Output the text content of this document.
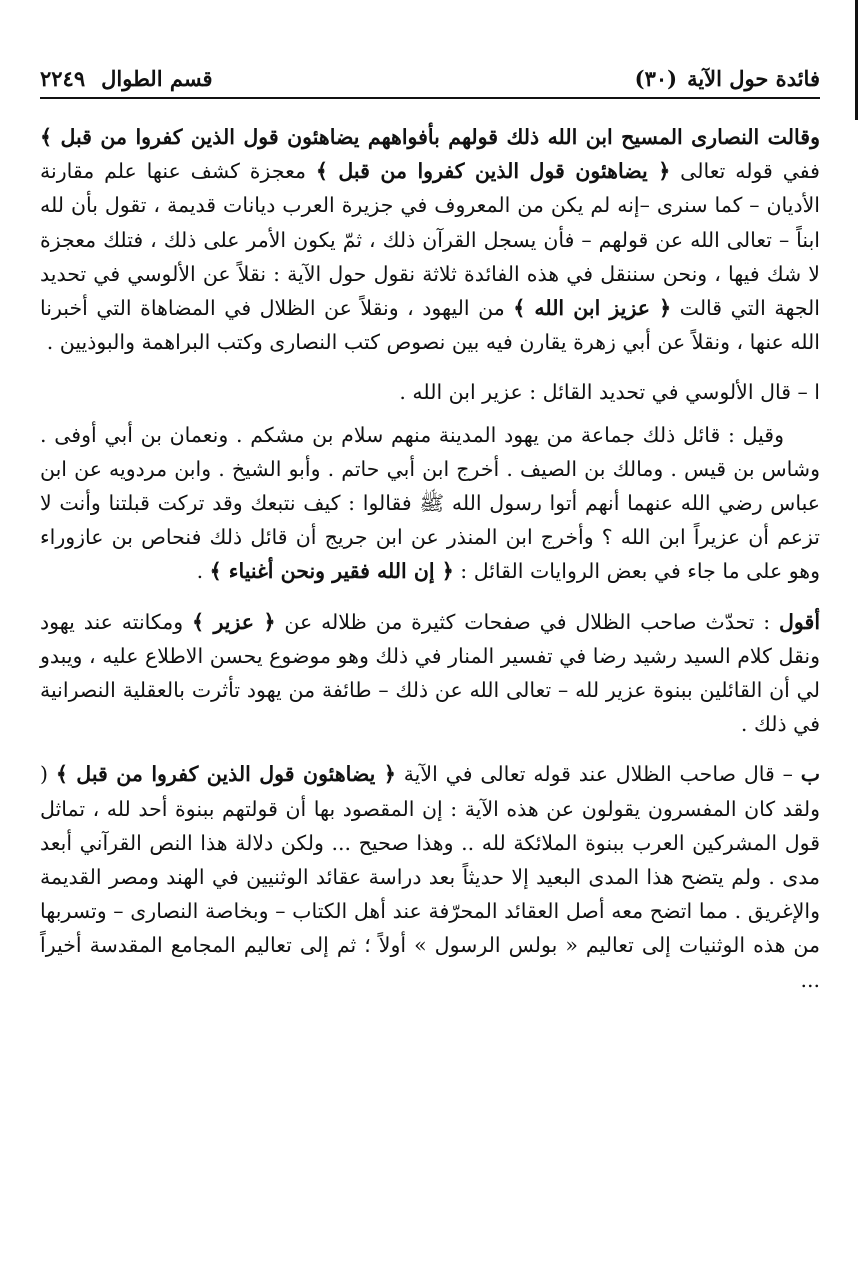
فائدة حول الآية
(٣٠)
قسم الطوال
٢٢٤٩

وقالت النصارى المسيح ابن الله ذلك قولهم بأفواههم يضاهئون قول الذين كفروا من قبل ﴾ ففي قوله تعالى ﴿ يضاهئون قول الذين كفروا من قبل ﴾ معجزة كشف عنها علم مقارنة الأديان – كما سنرى –إنه لم يكن من المعروف في جزيرة العرب ديانات قديمة ، تقول بأن لله ابناً – تعالى الله عن قولهم – فأن يسجل القرآن ذلك ، ثمّ يكون الأمر على ذلك ، فتلك معجزة لا شك فيها ، ونحن سننقل في هذه الفائدة ثلاثة نقول حول الآية : نقلاً عن الألوسي في تحديد الجهة التي قالت ﴿ عزيز ابن الله ﴾ من اليهود ، ونقلاً عن الظلال في المضاهاة التي أخبرنا الله عنها ، ونقلاً عن أبي زهرة يقارن فيه بين نصوص كتب النصارى وكتب البراهمة والبوذيين .

ا – قال الألوسي في تحديد القائل : عزير ابن الله .

وقيل : قائل ذلك جماعة من يهود المدينة منهم سلام بن مشكم . ونعمان بن أبي أوفى . وشاس بن قيس . ومالك بن الصيف . أخرج ابن أبي حاتم . وأبو الشيخ . وابن مردويه عن ابن عباس رضي الله عنهما أنهم أتوا رسول الله ﷺ فقالوا : كيف نتبعك وقد تركت قبلتنا وأنت لا تزعم أن عزيراً ابن الله ؟ وأخرج ابن المنذر عن ابن جريج أن قائل ذلك فنحاص بن عازوراء وهو على ما جاء في بعض الروايات القائل : ﴿ إن الله فقير ونحن أغنياء ﴾ .

أقول : تحدّث صاحب الظلال في صفحات كثيرة من ظلاله عن ﴿ عزير ﴾ ومكانته عند يهود ونقل كلام السيد رشيد رضا في تفسير المنار في ذلك وهو موضوع يحسن الاطلاع عليه ، ويبدو لي أن القائلين ببنوة عزير لله – تعالى الله عن ذلك – طائفة من يهود تأثرت بالعقلية النصرانية في ذلك .

ب – قال صاحب الظلال عند قوله تعالى في الآية ﴿ يضاهئون قول الذين كفروا من قبل ﴾ ( ولقد كان المفسرون يقولون عن هذه الآية : إن المقصود بها أن قولتهم ببنوة أحد لله ، تماثل قول المشركين العرب ببنوة الملائكة لله .. وهذا صحيح ... ولكن دلالة هذا النص القرآني أبعد مدى . ولم يتضح هذا المدى البعيد إلا حديثاً بعد دراسة عقائد الوثنيين في الهند ومصر القديمة والإغريق . مما اتضح معه أصل العقائد المحرّفة عند أهل الكتاب – وبخاصة النصارى – وتسربها من هذه الوثنيات إلى تعاليم « بولس الرسول » أولاً ؛ ثم إلى تعاليم المجامع المقدسة أخيراً ...
